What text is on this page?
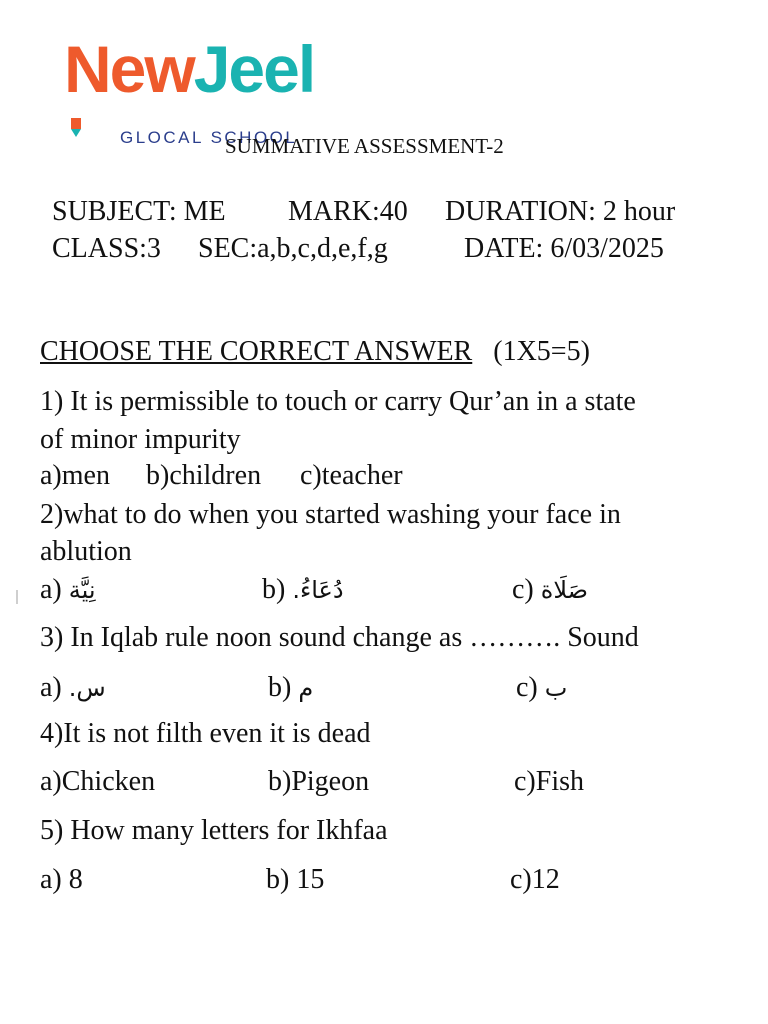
NewJeel
GLOCAL SCHOOL
SUMMATIVE ASSESSMENT-2
SUBJECT: ME MARK:40 DURATION: 2 hour
CLASS:3 SEC:a,b,c,d,e,f,g	DATE: 6/03/2025
CHOOSE THE CORRECT ANSWER (1X5=5)
1) It is permissible to touch or carry Qur’an in a state
of minor impurity
a)men b)children c)teacher
2)what to do when you started washing your face in
ablution
a) نِيَّة	b) دُعَاءُ.	c) صَلَاة
3) In Iqlab rule noon sound change as ………. Sound
a) س.	b) م	c) ب
4)It is not filth even it is dead
a)Chicken	b)Pigeon	c)Fish
5) How many letters for Ikhfaa
a) 8	b) 15	c)12
